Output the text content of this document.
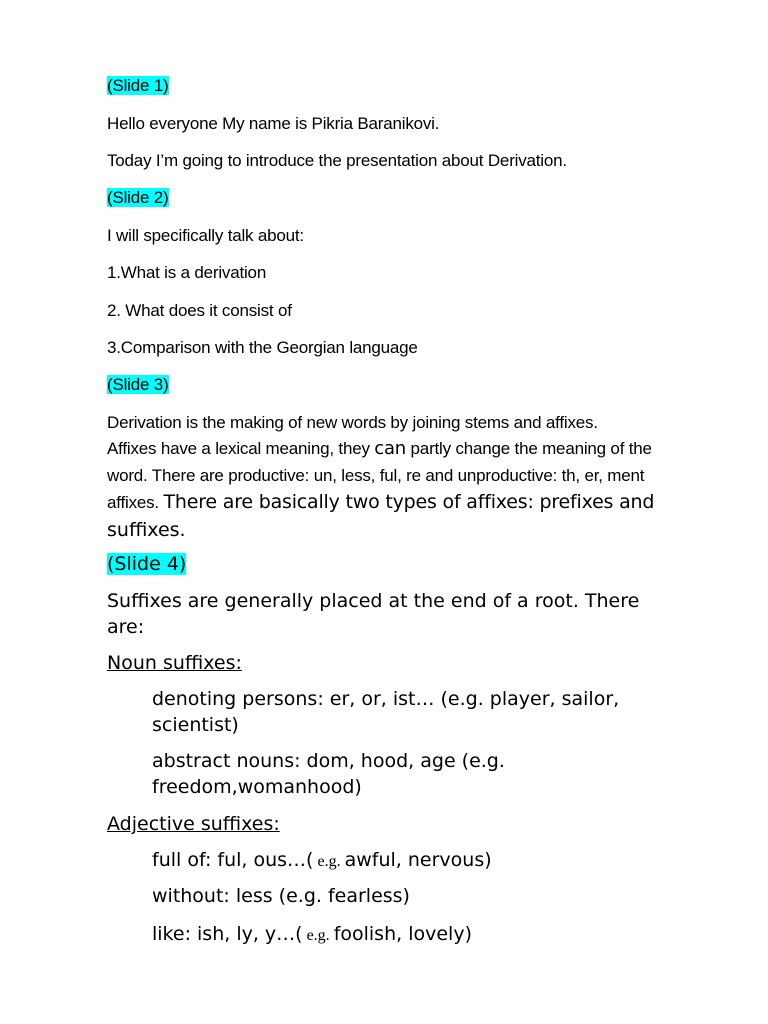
(Slide 1)
Hello everyone My name is Pikria Baranikovi.
Today I’m going to introduce the presentation about Derivation.
(Slide 2)
I will specifically talk about:
1.What is a derivation
2. What does it consist of
3.Comparison with the Georgian language
(Slide 3)
Derivation is the making of new words by joining stems and affixes.
Affixes have a lexical meaning, they can partly change the meaning of the
word. There are productive: un, less, ful, re and unproductive: th, er, ment
affixes. There are basically two types of affixes: prefixes and
suffixes.
(Slide 4)
Suffixes are generally placed at the end of a root. There
are:
Noun suffixes:
denoting persons: er, or, ist… (e.g. player, sailor,
scientist)
abstract nouns: dom, hood, age (e.g.
freedom,womanhood)
Adjective suffixes:
full of: ful, ous…( e.g. awful, nervous)
without: less (e.g. fearless)
like: ish, ly, y…( e.g. foolish, lovely)
